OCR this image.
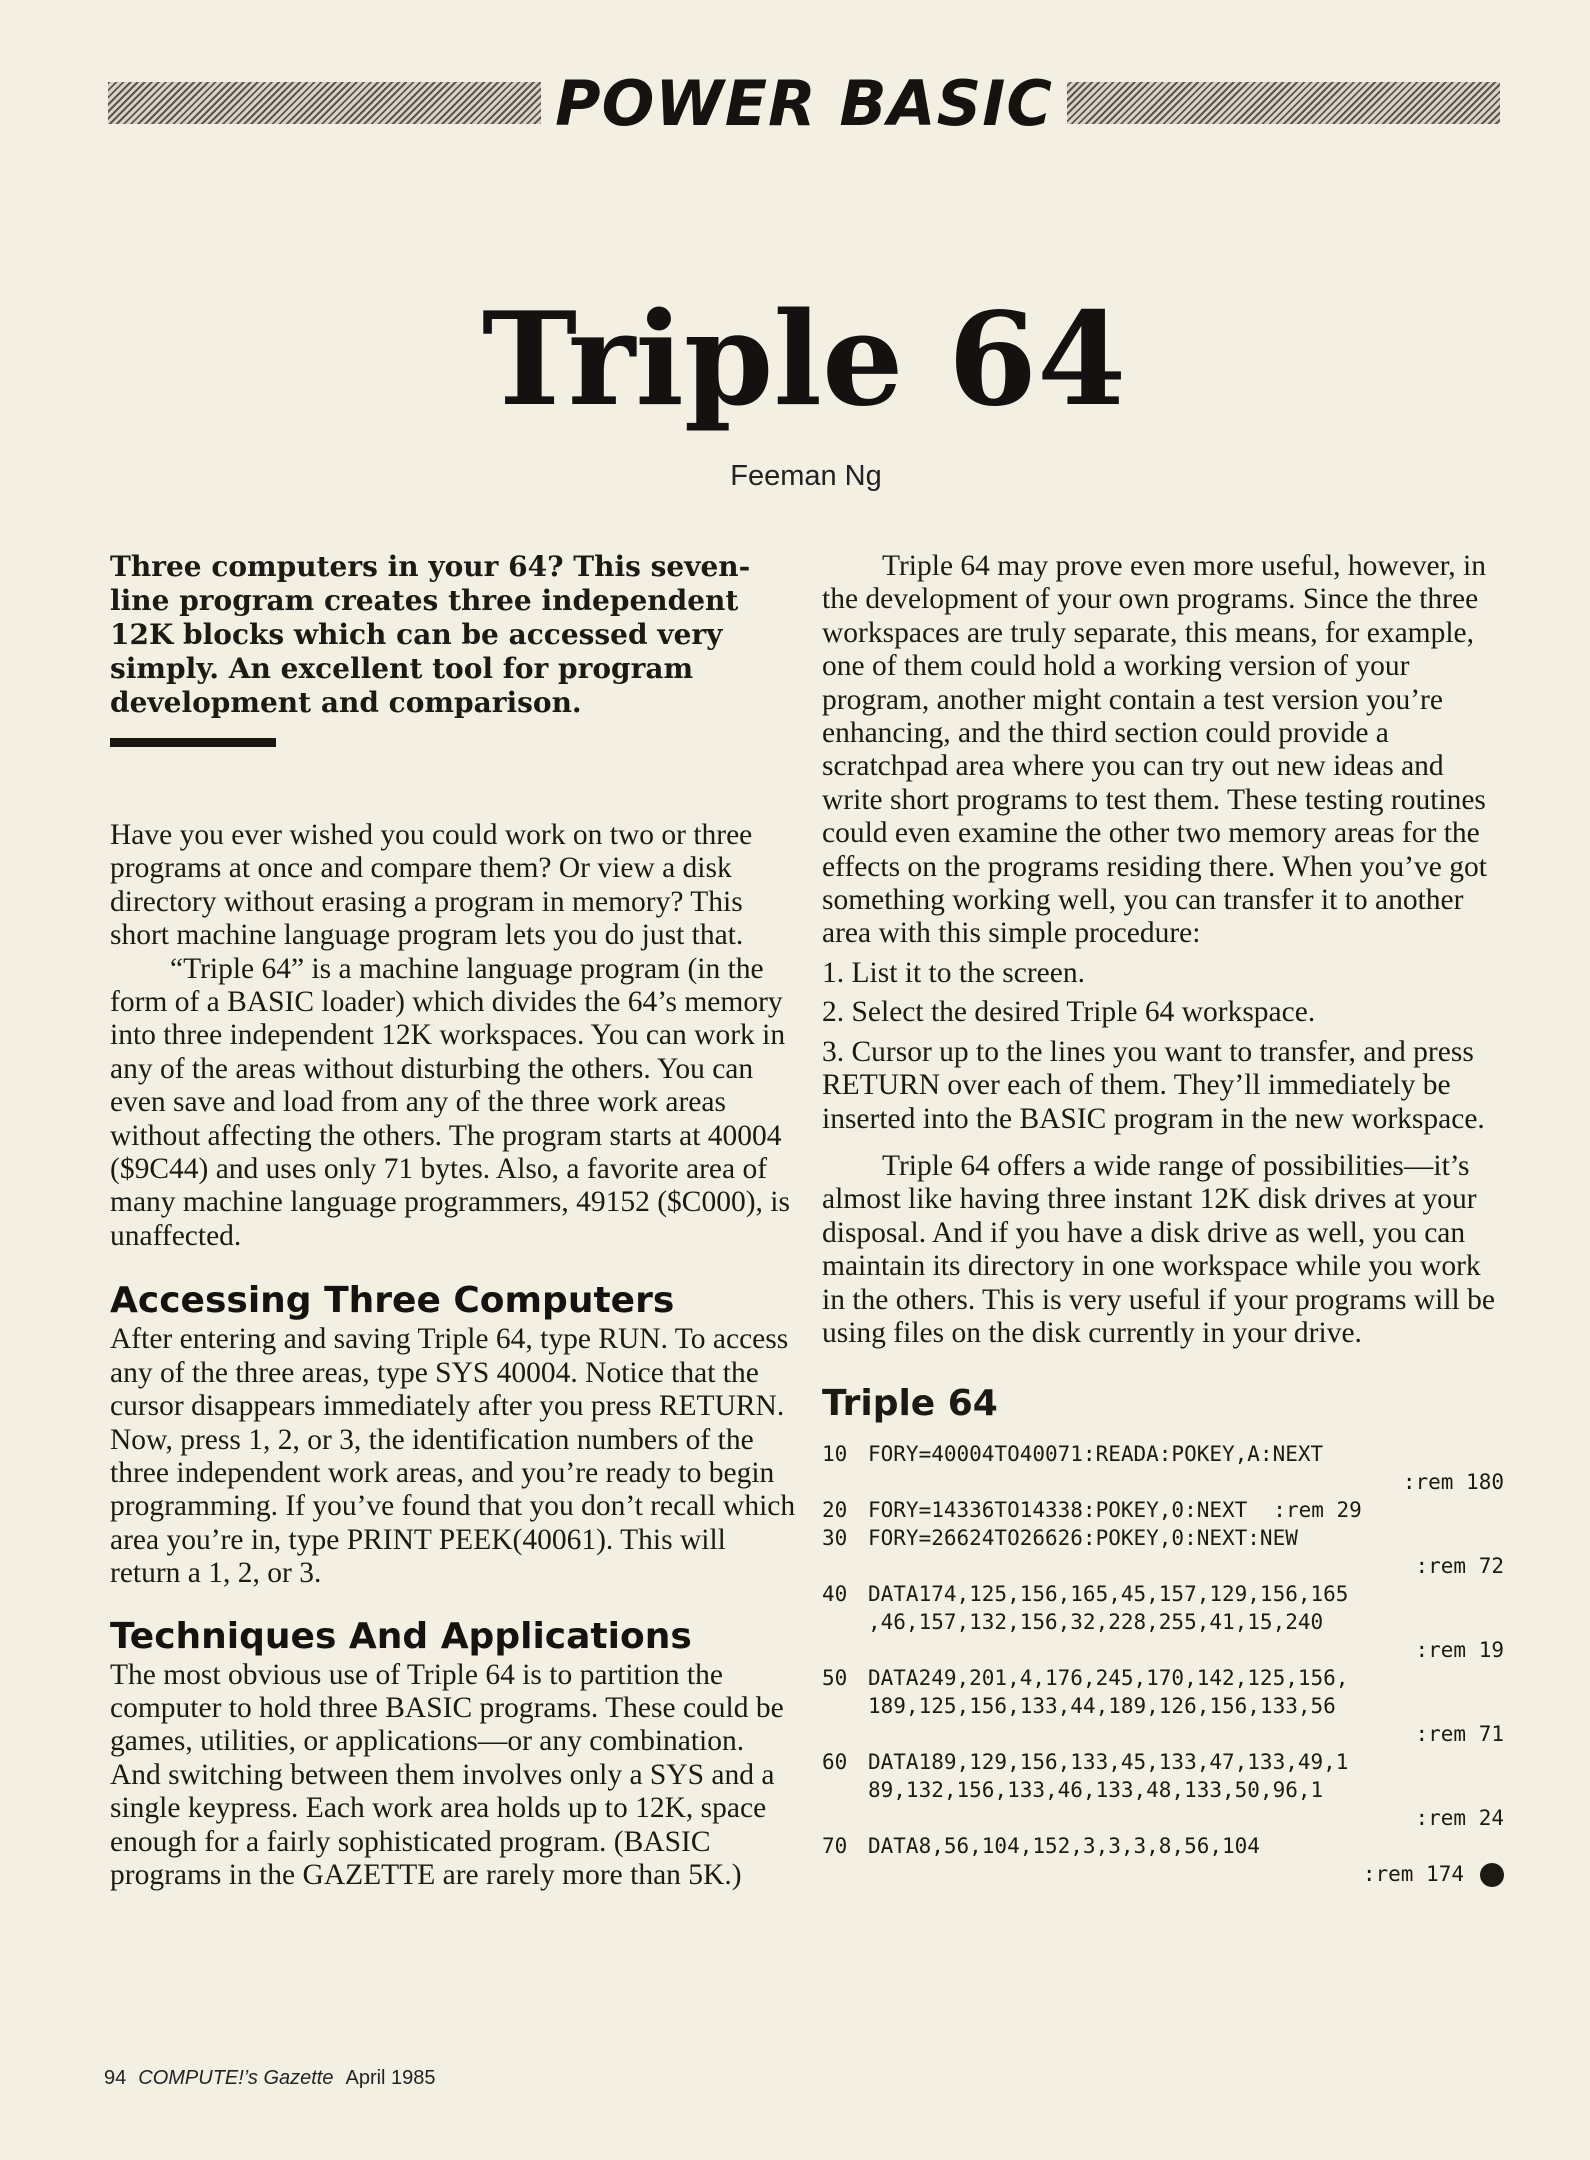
POWER BASIC
Triple 64
Feeman Ng

Three computers in your 64? This seven-line program creates three independent 12K blocks which can be accessed very simply. An excellent tool for program development and comparison.

Have you ever wished you could work on two or three programs at once and compare them? Or view a disk directory without erasing a program in memory? This short machine language program lets you do just that.

“Triple 64” is a machine language program (in the form of a BASIC loader) which divides the 64’s memory into three independent 12K workspaces. You can work in any of the areas without disturbing the others. You can even save and load from any of the three work areas without affecting the others. The program starts at 40004 ($9C44) and uses only 71 bytes. Also, a favorite area of many machine language programmers, 49152 ($C000), is unaffected.

Accessing Three Computers

After entering and saving Triple 64, type RUN. To access any of the three areas, type SYS 40004. Notice that the cursor disappears immediately after you press RETURN. Now, press 1, 2, or 3, the identification numbers of the three independent work areas, and you’re ready to begin programming. If you’ve found that you don’t recall which area you’re in, type PRINT PEEK(40061). This will return a 1, 2, or 3.

Techniques And Applications

The most obvious use of Triple 64 is to partition the computer to hold three BASIC programs. These could be games, utilities, or applications—or any combination. And switching between them involves only a SYS and a single keypress. Each work area holds up to 12K, space enough for a fairly sophisticated program. (BASIC programs in the GAZETTE are rarely more than 5K.)

Triple 64 may prove even more useful, however, in the development of your own programs. Since the three workspaces are truly separate, this means, for example, one of them could hold a working version of your program, another might contain a test version you’re enhancing, and the third section could provide a scratchpad area where you can try out new ideas and write short programs to test them. These testing routines could even examine the other two memory areas for the effects on the programs residing there. When you’ve got something working well, you can transfer it to another area with this simple procedure:

1. List it to the screen.
2. Select the desired Triple 64 workspace.
3. Cursor up to the lines you want to transfer, and press RETURN over each of them. They’ll immediately be inserted into the BASIC program in the new workspace.

Triple 64 offers a wide range of possibilities—it’s almost like having three instant 12K disk drives at your disposal. And if you have a disk drive as well, you can maintain its directory in one workspace while you work in the others. This is very useful if your programs will be using files on the disk currently in your drive.

Triple 64
10 FORY=40004TO40071:READA:POKEY,A:NEXT
:rem 180
20 FORY=14336TO14338:POKEY,0:NEXT :rem 29
30 FORY=26624TO26626:POKEY,0:NEXT:NEW
:rem 72
40 DATA174,125,156,165,45,157,129,156,165
,46,157,132,156,32,228,255,41,15,240
:rem 19
50 DATA249,201,4,176,245,170,142,125,156,
189,125,156,133,44,189,126,156,133,56
:rem 71
60 DATA189,129,156,133,45,133,47,133,49,1
89,132,156,133,46,133,48,133,50,96,1
:rem 24
70 DATA8,56,104,152,3,3,3,8,56,104
:rem 174
94 COMPUTE!’s Gazette April 1985
